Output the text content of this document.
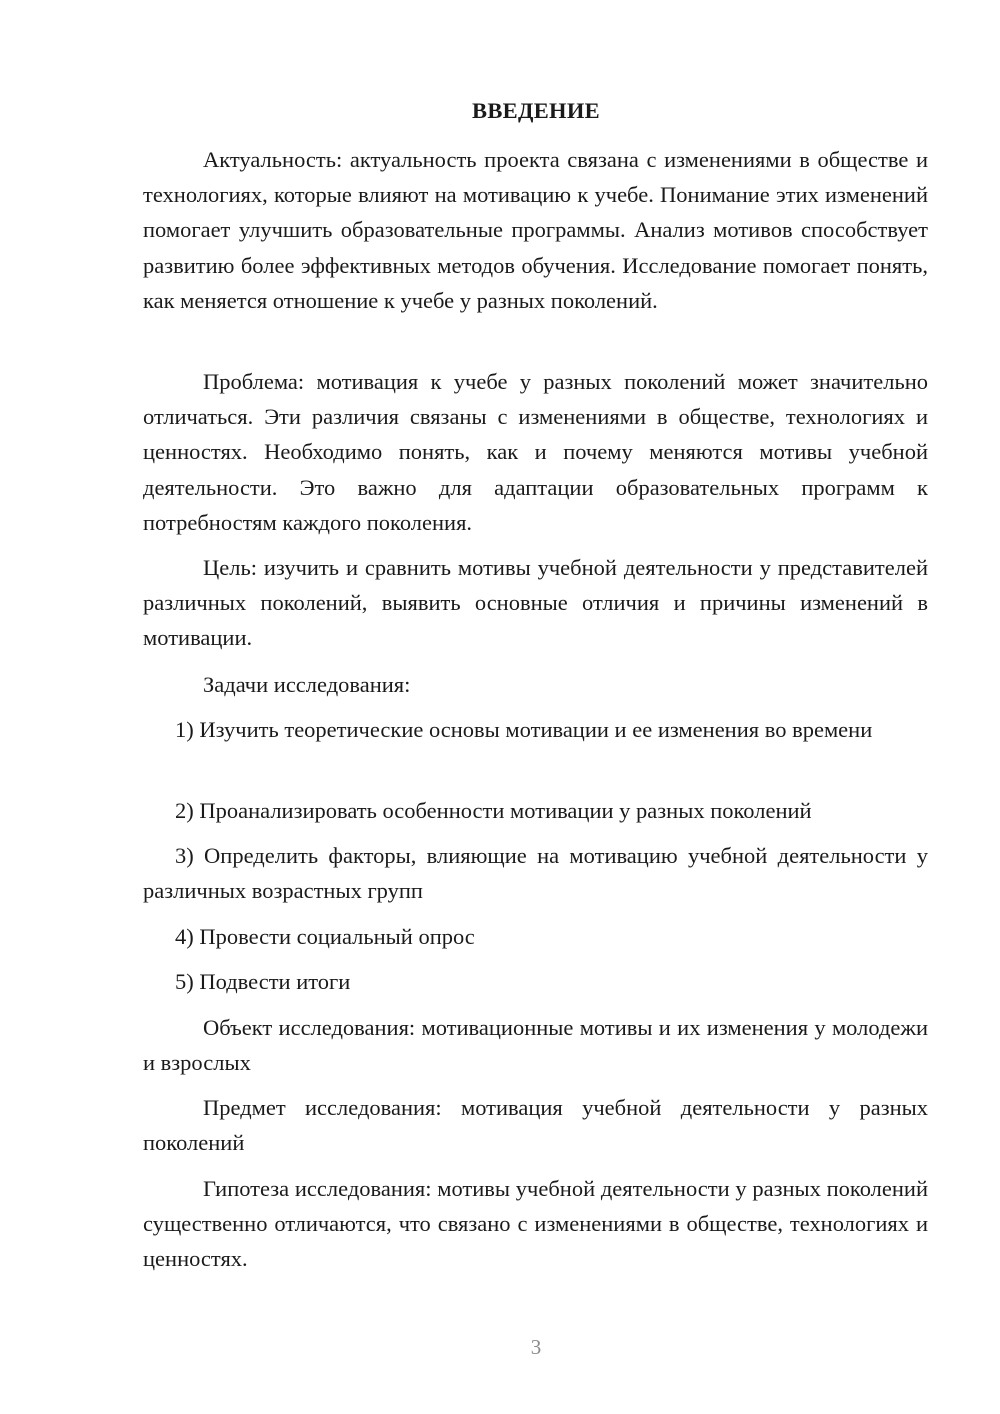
ВВЕДЕНИЕ

Актуальность: актуальность проекта связана с изменениями в обществе и технологиях, которые влияют на мотивацию к учебе. Понимание этих изменений помогает улучшить образовательные программы. Анализ мотивов способствует развитию более эффективных методов обучения. Исследование помогает понять, как меняется отношение к учебе у разных поколений.

Проблема: мотивация к учебе у разных поколений может значительно отличаться. Эти различия связаны с изменениями в обществе, технологиях и ценностях. Необходимо понять, как и почему меняются мотивы учебной деятельности. Это важно для адаптации образовательных программ к потребностям каждого поколения.

Цель: изучить и сравнить мотивы учебной деятельности у представителей различных поколений, выявить основные отличия и причины изменений в мотивации.

Задачи исследования:

1) Изучить теоретические основы мотивации и ее изменения во времени

2) Проанализировать особенности мотивации у разных поколений

3) Определить факторы, влияющие на мотивацию учебной деятельности у различных возрастных групп

4) Провести социальный опрос

5) Подвести итоги

Объект исследования: мотивационные мотивы и их изменения у молодежи и взрослых

Предмет исследования: мотивация учебной деятельности у разных поколений

Гипотеза исследования: мотивы учебной деятельности у разных поколений существенно отличаются, что связано с изменениями в обществе, технологиях и ценностях.

3
